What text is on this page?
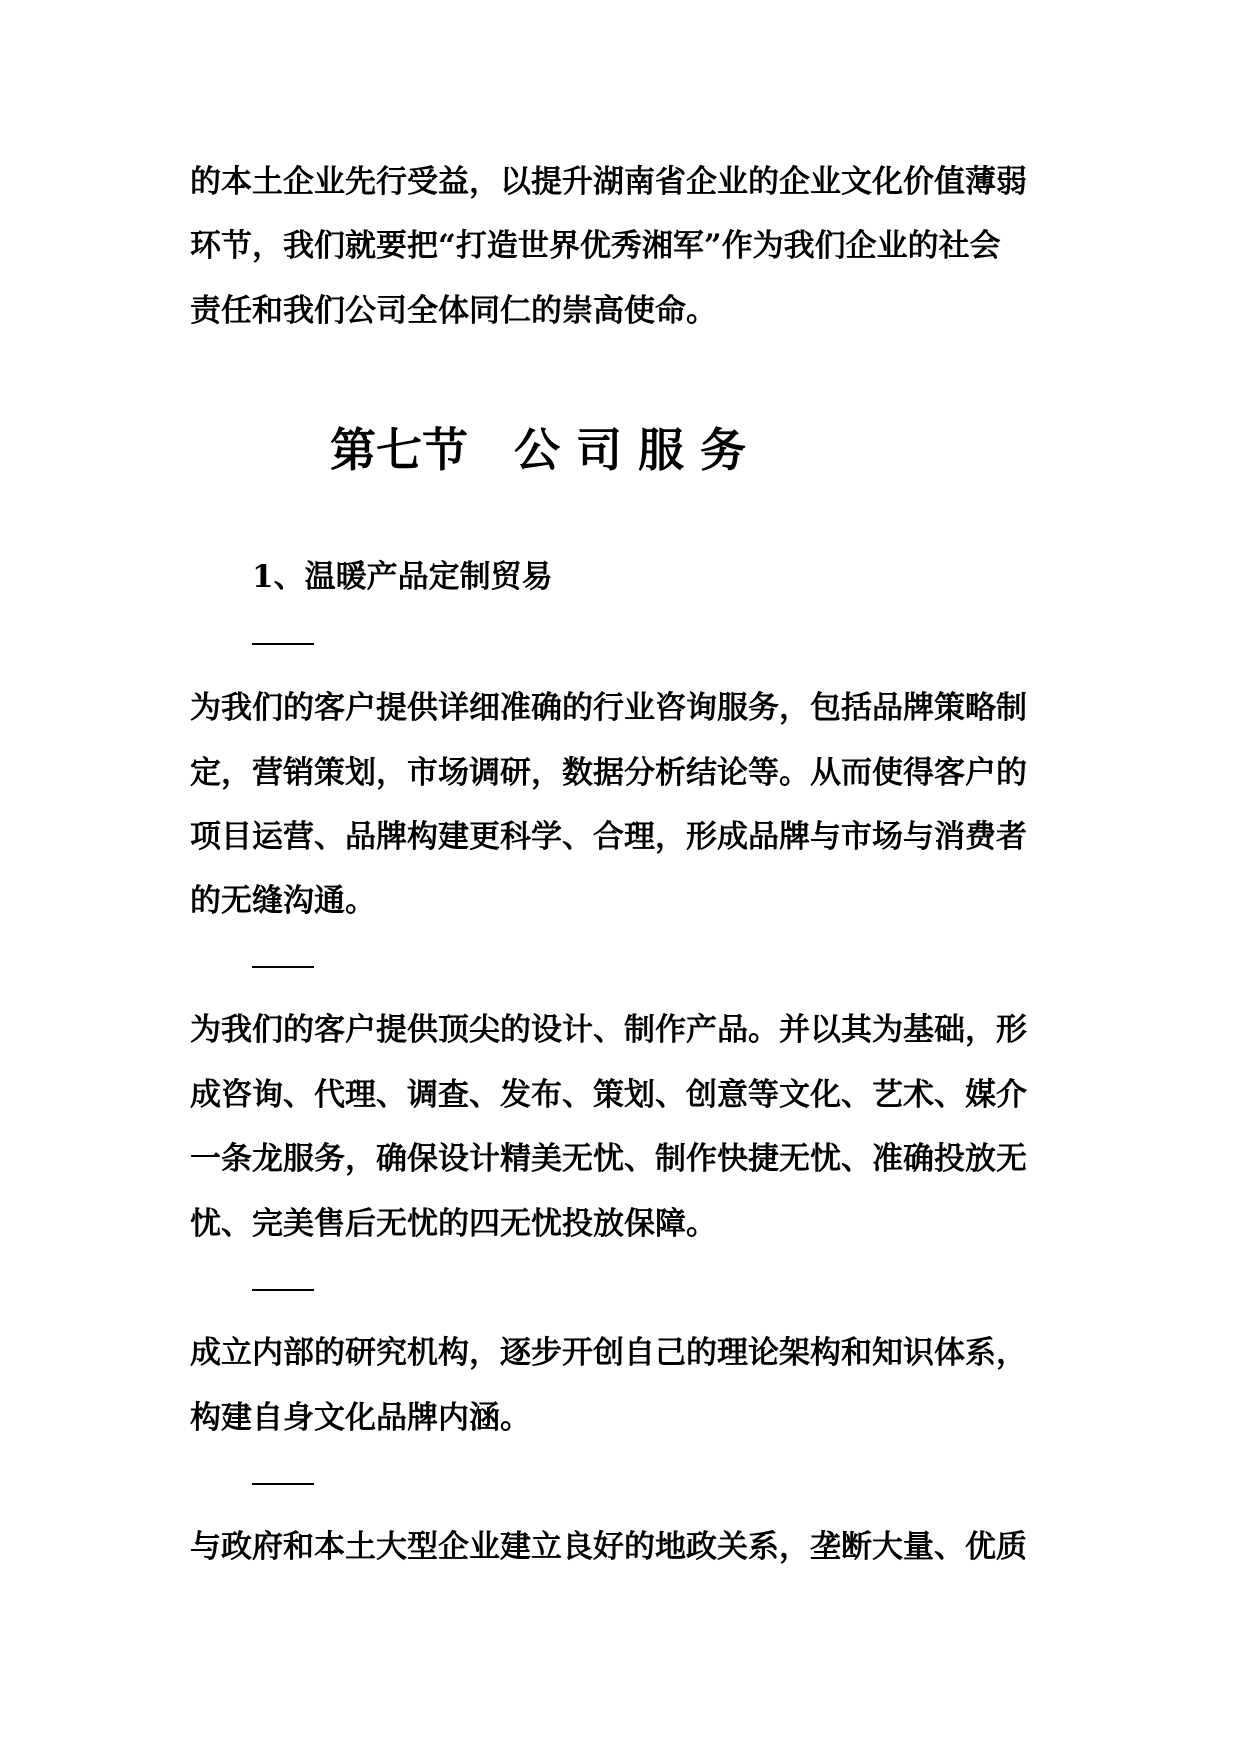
的本土企业先行受益，以提升湖南省企业的企业文化价值薄弱
环节，我们就要把“打造世界优秀湘军”作为我们企业的社会
责任和我们公司全体同仁的崇高使命。
第七节　公 司 服 务
1、温暖产品定制贸易
为我们的客户提供详细准确的行业咨询服务，包括品牌策略制
定，营销策划，市场调研，数据分析结论等。从而使得客户的
项目运营、品牌构建更科学、合理，形成品牌与市场与消费者
的无缝沟通。
为我们的客户提供顶尖的设计、制作产品。并以其为基础，形
成咨询、代理、调查、发布、策划、创意等文化、艺术、媒介
一条龙服务，确保设计精美无忧、制作快捷无忧、准确投放无
忧、完美售后无忧的四无忧投放保障。
成立内部的研究机构，逐步开创自己的理论架构和知识体系，
构建自身文化品牌内涵。
与政府和本土大型企业建立良好的地政关系，垄断大量、优质
